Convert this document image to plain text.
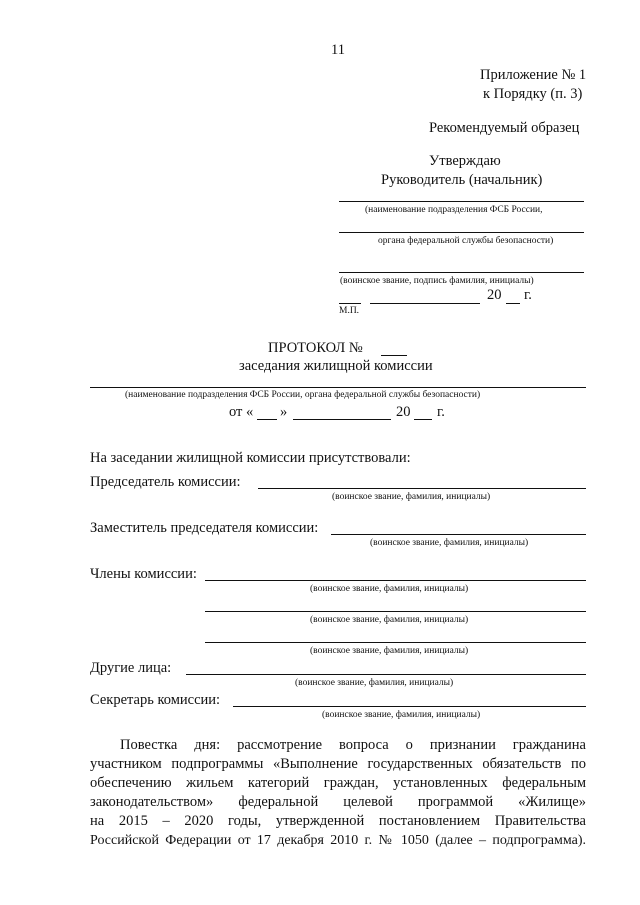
11
Приложение № 1
к Порядку (п. 3)
Рекомендуемый образец
Утверждаю
Руководитель (начальник)
(наименование подразделения ФСБ России,
органа федеральной службы безопасности)
(воинское звание, подпись фамилия, инициалы)
20 г.
М.П.
ПРОТОКОЛ №
заседания жилищной комиссии
(наименование подразделения ФСБ России, органа федеральной службы безопасности)
от « »	20 г.
На заседании жилищной комиссии присутствовали:
Председатель комиссии:
(воинское звание, фамилия, инициалы)
Заместитель председателя комиссии:
(воинское звание, фамилия, инициалы)
Члены комиссии:
(воинское звание, фамилия, инициалы)
(воинское звание, фамилия, инициалы)
(воинское звание, фамилия, инициалы)
Другие лица:
(воинское звание, фамилия, инициалы)
Секретарь комиссии:
(воинское звание, фамилия, инициалы)

Повестка дня: рассмотрение вопроса о признании гражданина

участником подпрограммы «Выполнение государственных обязательств по

обеспечению жильем категорий граждан, установленных федеральным

законодательством» федеральной целевой программой «Жилище»

на 2015 – 2020 годы, утвержденной постановлением Правительства

Российской Федерации от 17 декабря 2010 г. № 1050 (далее – подпрограмма).
